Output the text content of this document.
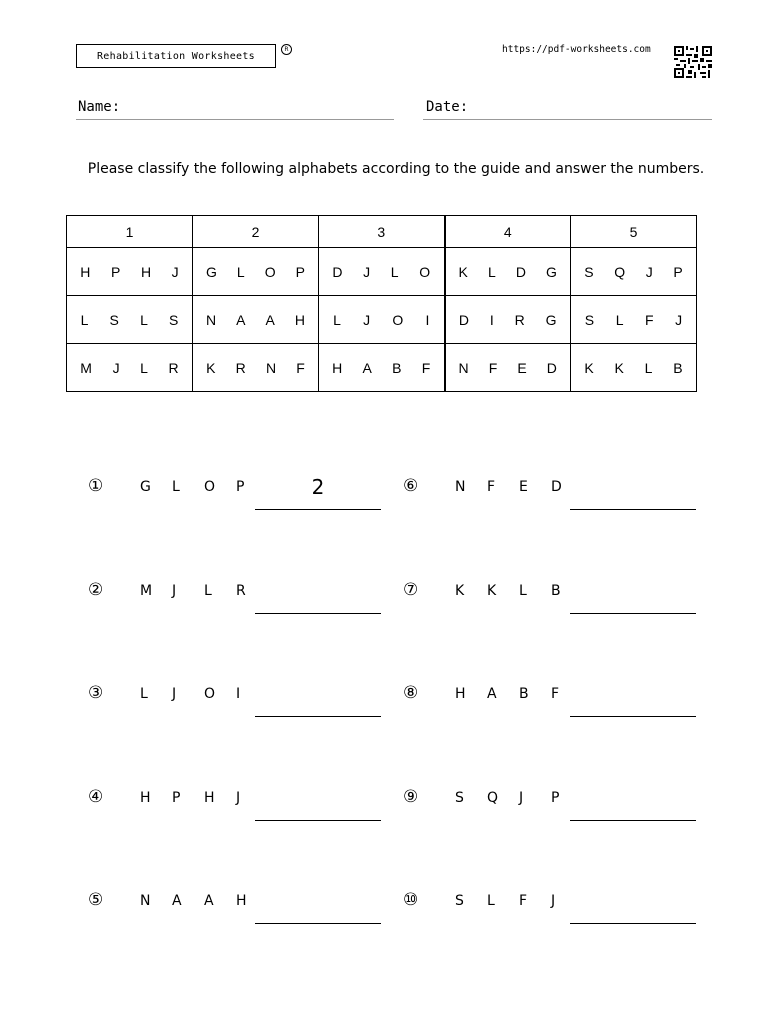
Rehabilitation Worksheets
R	https://pdf-worksheets.com
Name:	Date:
Please classify the following alphabets according to the guide and answer the numbers.
1	2	3	4	5

H P H J	G L O P	D J L O	K L D G	S Q J P

L S L S	N A A H	L J O I	D I R G	S L F J

M J L R	K R N F	H A B F	N F E D	K K L B
①	G	L	O	P	2
②	M	J	L	R
③	L	J	O	I
④	H	P	H	J
⑤	N	A	A	H
⑥	N	F	E	D
⑦	K	K	L	B
⑧	H	A	B	F
⑨	S	Q	J	P
⑩	S	L	F	J
